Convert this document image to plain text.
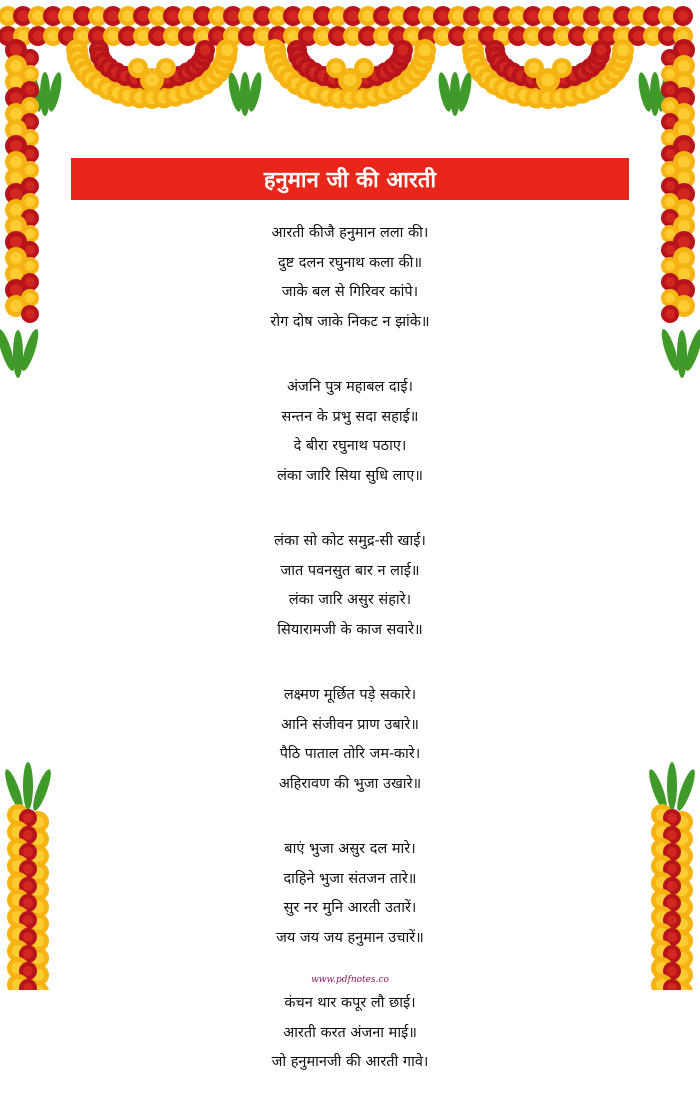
हनुमान जी की आरती
आरती कीजै हनुमान लला की।
दुष्ट दलन रघुनाथ कला की॥
जाके बल से गिरिवर कांपे।
रोग दोष जाके निकट न झांके॥
अंजनि पुत्र महाबल दाई।
सन्तन के प्रभु सदा सहाई॥
दे बीरा रघुनाथ पठाए।
लंका जारि सिया सुधि लाए॥
लंका सो कोट समुद्र-सी खाई।
जात पवनसुत बार न लाई॥
लंका जारि असुर संहारे।
सियारामजी के काज सवारे॥
लक्ष्मण मूर्छित पड़े सकारे।
आनि संजीवन प्राण उबारे॥
पैठि पाताल तोरि जम-कारे।
अहिरावण की भुजा उखारे॥
बाएं भुजा असुर दल मारे।
दाहिने भुजा संतजन तारे॥
सुर नर मुनि आरती उतारें।
जय जय जय हनुमान उचारें॥
कंचन थार कपूर लौ छाई।
आरती करत अंजना माई॥
जो हनुमानजी की आरती गावे।
www.pdfnotes.co
